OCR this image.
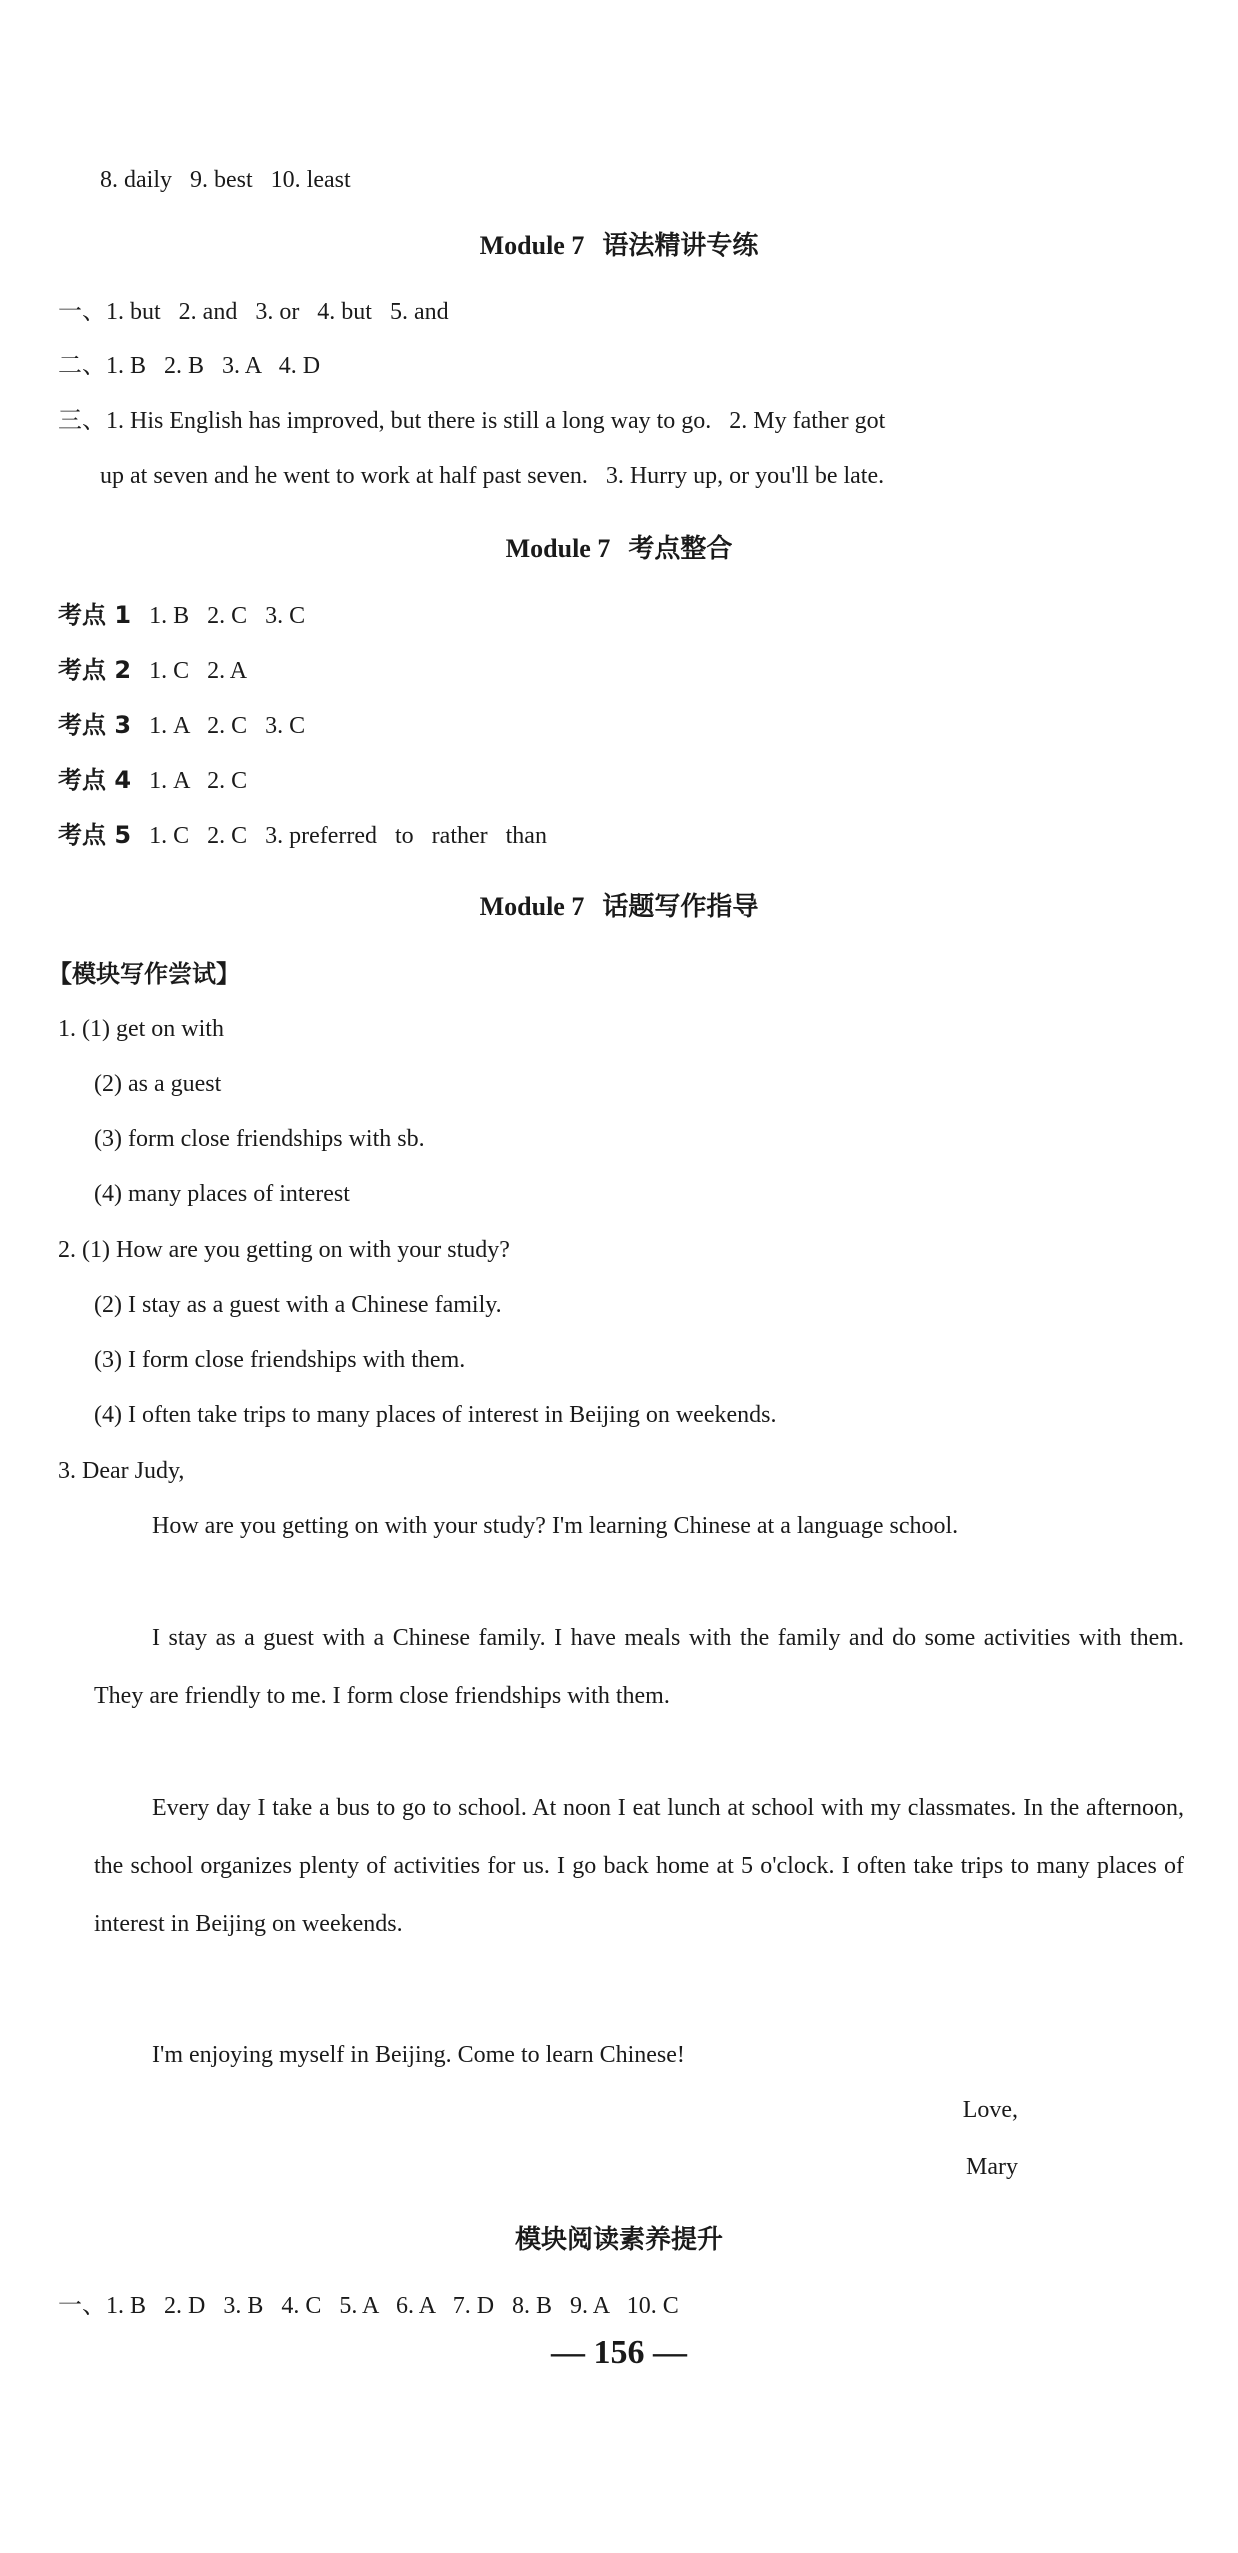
8. daily   9. best   10. least
Module 7 语法精讲专练
一、1. but   2. and   3. or   4. but   5. and
二、1. B   2. B   3. A   4. D
三、1. His English has improved, but there is still a long way to go.   2. My father got
up at seven and he went to work at half past seven.   3. Hurry up, or you'll be late.
Module 7 考点整合
考点 1 1. B   2. C   3. C
考点 2 1. C   2. A
考点 3 1. A   2. C   3. C
考点 4 1. A   2. C
考点 5 1. C   2. C   3. preferred   to   rather   than
Module 7 话题写作指导
【模块写作尝试】
1. (1) get on with
(2) as a guest
(3) form close friendships with sb.
(4) many places of interest
2. (1) How are you getting on with your study?
(2) I stay as a guest with a Chinese family.
(3) I form close friendships with them.
(4) I often take trips to many places of interest in Beijing on weekends.
3. Dear Judy,
How are you getting on with your study? I'm learning Chinese at a language school.
I stay as a guest with a Chinese family. I have meals with the family and do some activities with them. They are friendly to me. I form close friendships with them.
Every day I take a bus to go to school. At noon I eat lunch at school with my classmates. In the afternoon, the school organizes plenty of activities for us. I go back home at 5 o'clock. I often take trips to many places of interest in Beijing on weekends.
I'm enjoying myself in Beijing. Come to learn Chinese!
Love,
Mary
模块阅读素养提升
一、1. B   2. D   3. B   4. C   5. A   6. A   7. D   8. B   9. A   10. C
— 156 —
